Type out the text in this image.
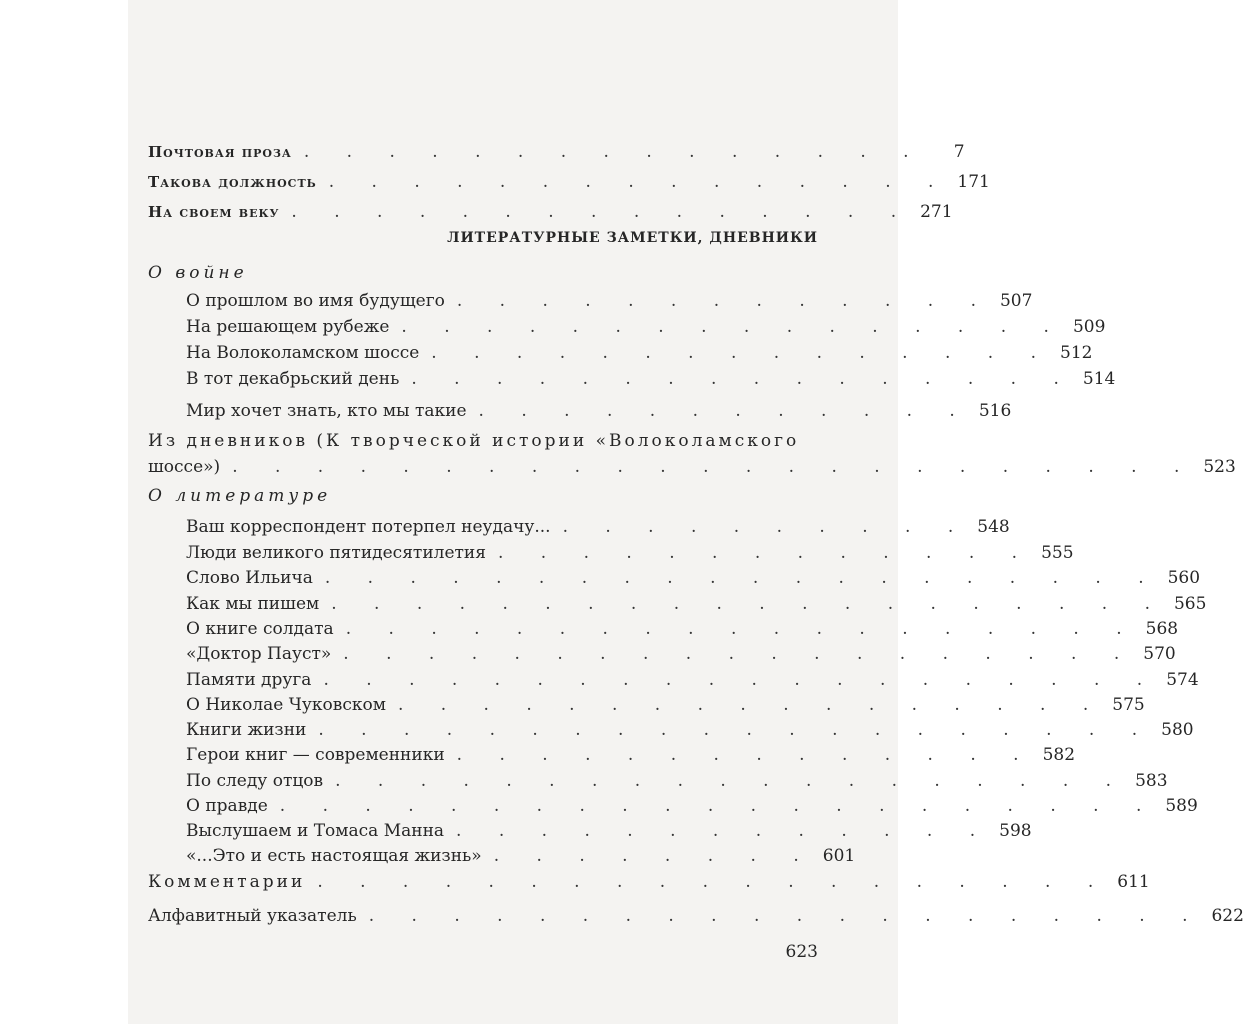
Почтовая проза . . . . . . . . . . . . . . .	7
Такова должность . . . . . . . . . . . . . . . 171
На своем веку . . . . . . . . . . . . . . . 271
ЛИТЕРАТУРНЫЕ ЗАМЕТКИ, ДНЕВНИКИ
О войне
О прошлом во имя будущего . . . . . . . . . . . . . 507
На решающем рубеже . . . . . . . . . . . . . . . . 509
На Волоколамском шоссе . . . . . . . . . . . . . . . 512
В тот декабрьский день . . . . . . . . . . . . . . . . 514
Мир хочет знать, кто мы такие . . . . . . . . . . . . 516
Из дневников (К творческой истории «Волоколамского
шоссе») . . . . . . . . . . . . . . . . . . . . . . . 523
О литературе
Ваш корреспондент потерпел неудачу... . . . . . . . . . . 548
Люди великого пятидесятилетия . . . . . . . . . . . . . 555
Слово Ильича . . . . . . . . . . . . . . . . . . . . 560
Как мы пишем . . . . . . . . . . . . . . . . . . . . 565
О книге солдата . . . . . . . . . . . . . . . . . . . 568
«Доктор Пауст» . . . . . . . . . . . . . . . . . . . 570
Памяти друга . . . . . . . . . . . . . . . . . . . . 574
О Николае Чуковском . . . . . . . . . . . . . . . . . 575
Книги жизни . . . . . . . . . . . . . . . . . . . . 580
Герои книг — современники . . . . . . . . . . . . . . 582
По следу отцов . . . . . . . . . . . . . . . . . . . 583
О правде . . . . . . . . . . . . . . . . . . . . . 589
Выслушаем и Томаса Манна . . . . . . . . . . . . . 598
«...Это и есть настоящая жизнь» . . . . . . . . 601
Комментарии . . . . . . . . . . . . . . . . . . . 611
Алфавитный указатель . . . . . . . . . . . . . . . . . . . . 622
623
